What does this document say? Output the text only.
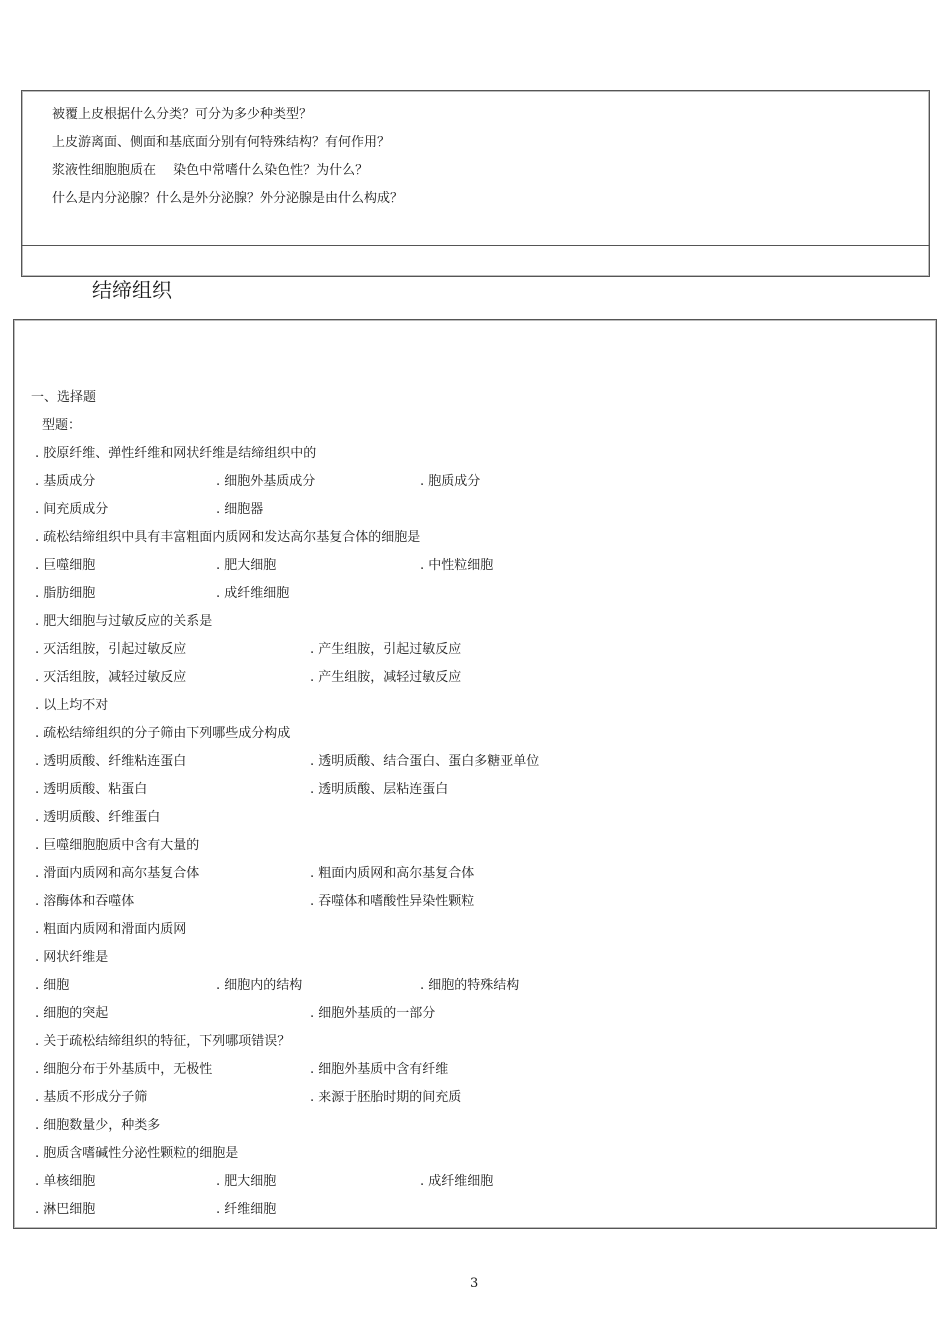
被覆上皮根据什么分类？可分为多少种类型？
上皮游离面、侧面和基底面分别有何特殊结构？有何作用？
浆液性细胞胞质在　 染色中常嗜什么染色性？为什么？
什么是内分泌腺？什么是外分泌腺？外分泌腺是由什么构成？
结缔组织
一、选择题
型题：
. 胶原纤维、弹性纤维和网状纤维是结缔组织中的
. 基质成分	. 细胞外基质成分	. 胞质成分
. 间充质成分	. 细胞器
. 疏松结缔组织中具有丰富粗面内质网和发达高尔基复合体的细胞是
. 巨噬细胞	. 肥大细胞	. 中性粒细胞
. 脂肪细胞	. 成纤维细胞
. 肥大细胞与过敏反应的关系是
. 灭活组胺，引起过敏反应	. 产生组胺，引起过敏反应
. 灭活组胺，减轻过敏反应	. 产生组胺，减轻过敏反应
. 以上均不对
. 疏松结缔组织的分子筛由下列哪些成分构成
. 透明质酸、纤维粘连蛋白	. 透明质酸、结合蛋白、蛋白多糖亚单位
. 透明质酸、粘蛋白	. 透明质酸、层粘连蛋白
. 透明质酸、纤维蛋白
. 巨噬细胞胞质中含有大量的
. 滑面内质网和高尔基复合体	. 粗面内质网和高尔基复合体
. 溶酶体和吞噬体	. 吞噬体和嗜酸性异染性颗粒
. 粗面内质网和滑面内质网
. 网状纤维是
. 细胞	. 细胞内的结构	. 细胞的特殊结构
. 细胞的突起	. 细胞外基质的一部分
. 关于疏松结缔组织的特征，下列哪项错误？
. 细胞分布于外基质中，无极性	. 细胞外基质中含有纤维
. 基质不形成分子筛	. 来源于胚胎时期的间充质
. 细胞数量少，种类多
. 胞质含嗜碱性分泌性颗粒的细胞是
. 单核细胞	. 肥大细胞	. 成纤维细胞
. 淋巴细胞	. 纤维细胞
3
